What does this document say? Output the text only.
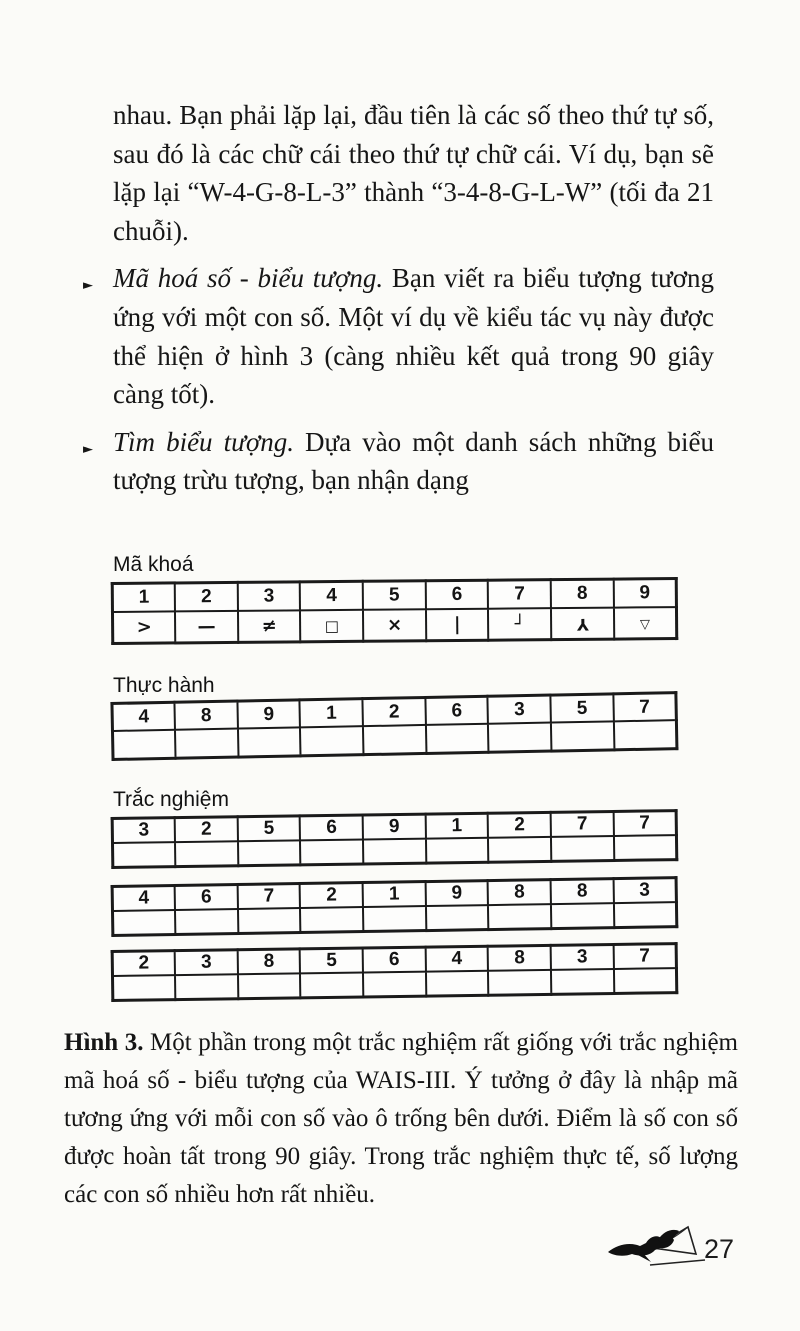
nhau. Bạn phải lặp lại, đầu tiên là các số theo thứ tự số, sau đó là các chữ cái theo thứ tự chữ cái. Ví dụ, bạn sẽ lặp lại “W-4-G-8-L-3” thành “3-4-8-G-L-W” (tối đa 21 chuỗi).

► Mã hoá số - biểu tượng. Bạn viết ra biểu tượng tương ứng với một con số. Một ví dụ về kiểu tác vụ này được thể hiện ở hình 3 (càng nhiều kết quả trong 90 giây càng tốt).
► Tìm biểu tượng. Dựa vào một danh sách những biểu tượng trừu tượng, bạn nhận dạng

Mã khoá

1	2	3	4	5	6	7	8	9
>	—	≠	□	×	|	┘	Y	▽

Thực hành

4	8	9	1	2	6	3	5	7

Trắc nghiệm

3	2	5	6	9	1	2	7	7

4	6	7	2	1	9	8	8	3

2	3	8	5	6	4	8	3	7

Hình 3. Một phần trong một trắc nghiệm rất giống với trắc nghiệm mã hoá số - biểu tượng của WAIS-III. Ý tưởng ở đây là nhập mã tương ứng với mỗi con số vào ô trống bên dưới. Điểm là số con số được hoàn tất trong 90 giây. Trong trắc nghiệm thực tế, số lượng các con số nhiều hơn rất nhiều.

27
